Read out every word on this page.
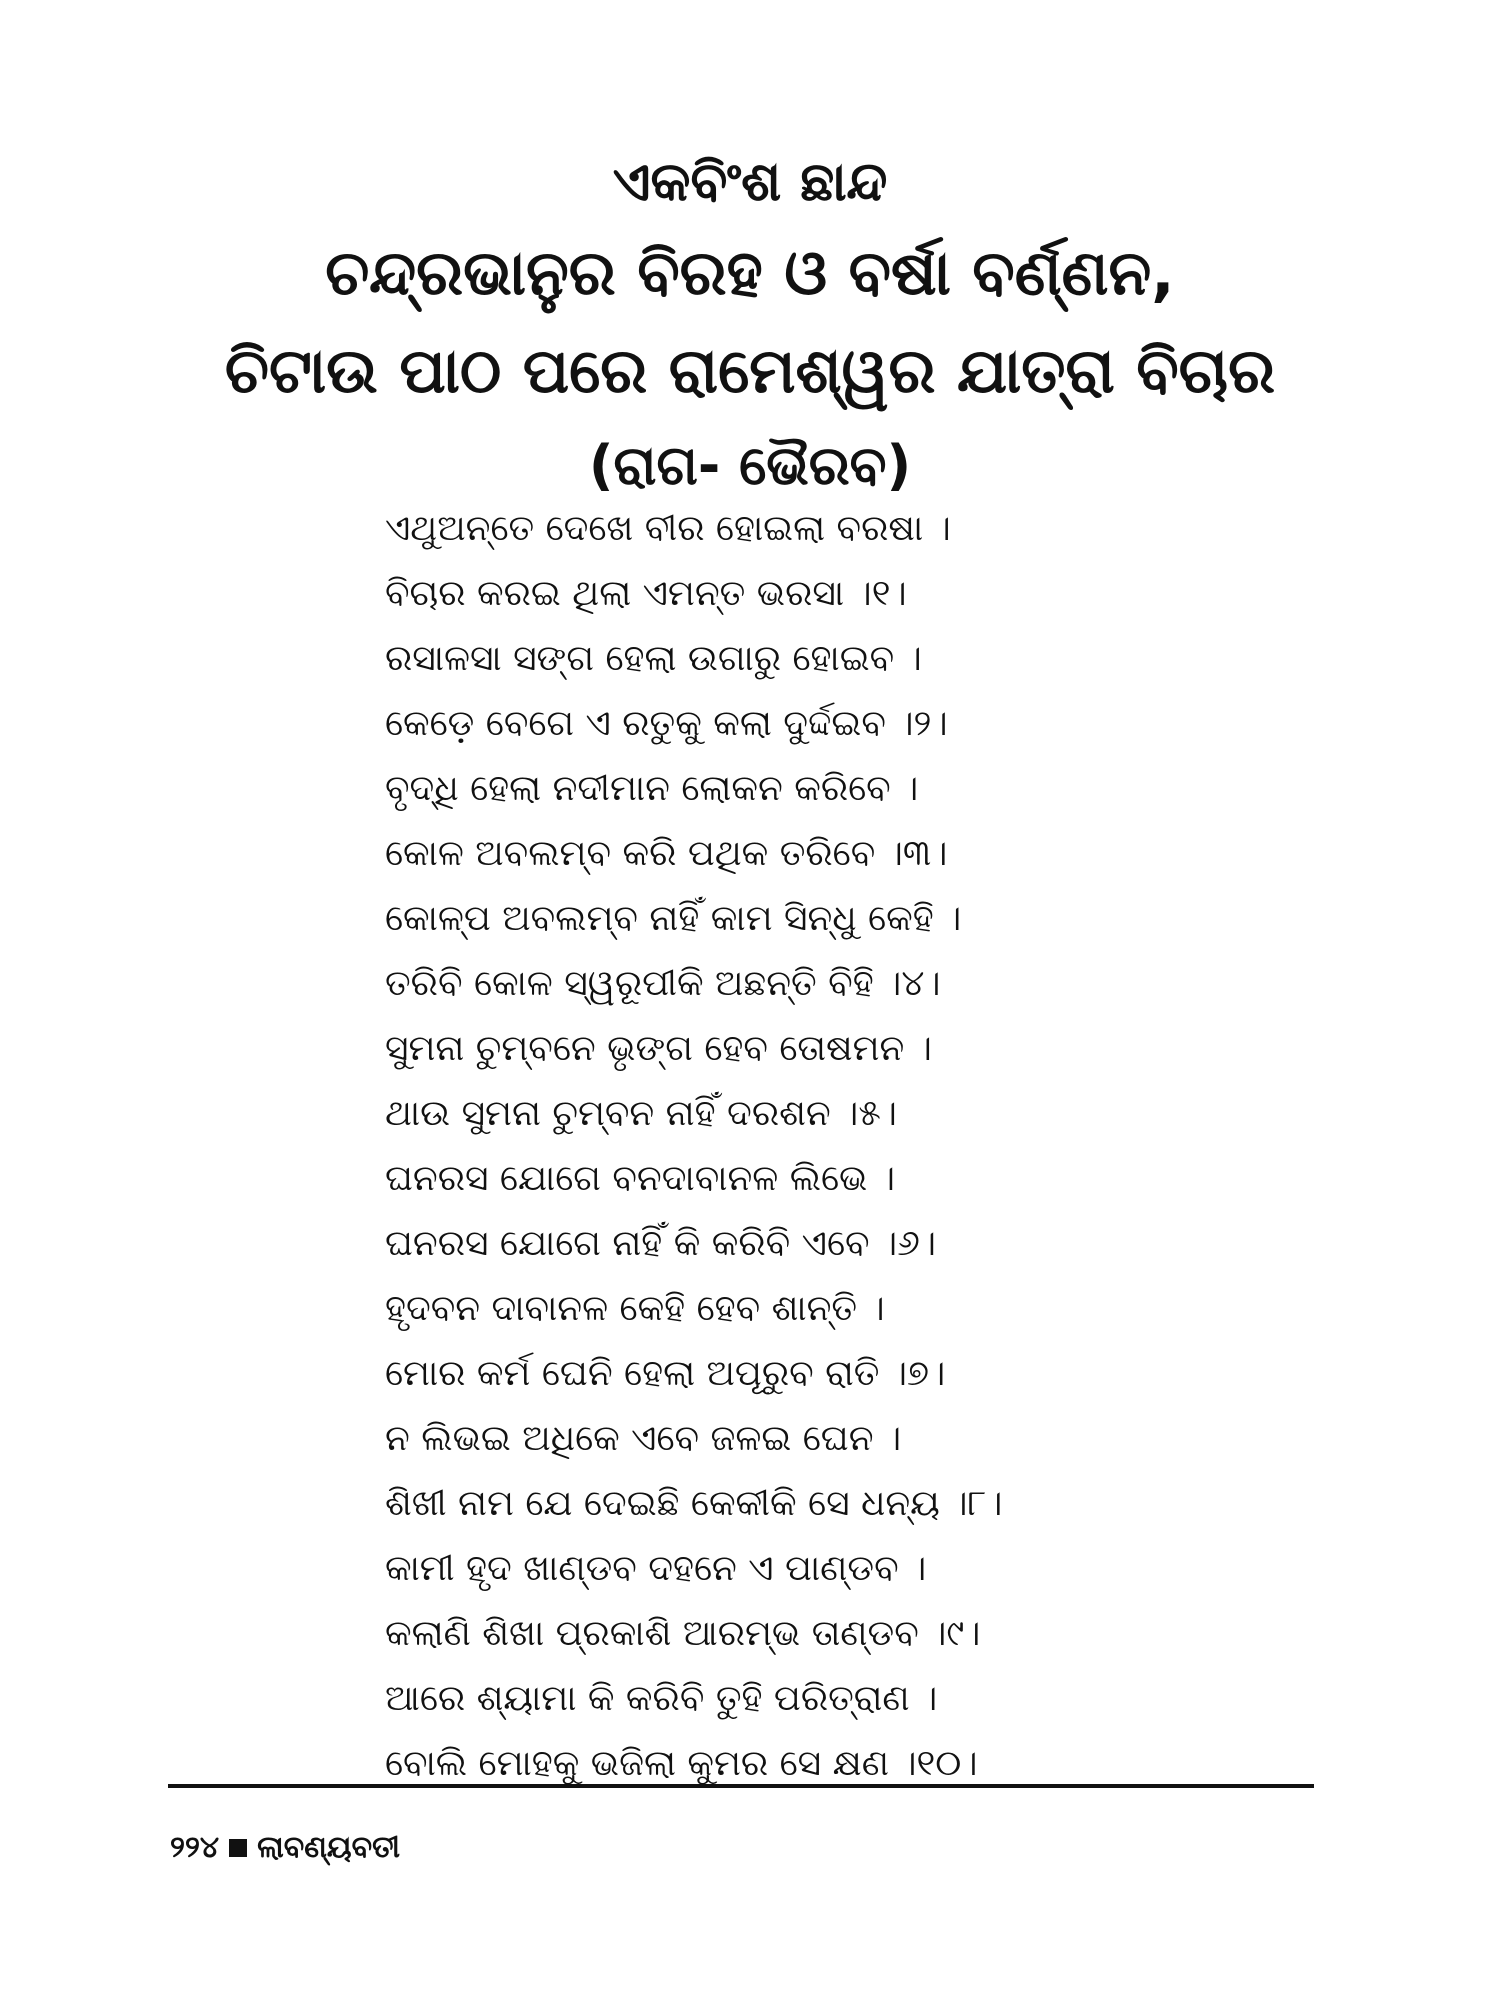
ଏକବିଂଶ ଛାନ୍ଦ
ଚନ୍ଦ୍ରଭାନୁର ବିରହ ଓ ବର୍ଷା ବର୍ଣ୍ଣନ,
ଚିଟାଉ ପାଠ ପରେ ରାମେଶ୍ୱର ଯାତ୍ରା ବିଚାର
(ରାଗ- ଭୈରବ)
ଏଥୁଅନ୍ତେ ଦେଖେ ବୀର ହୋଇଲା ବରଷା ।
ବିଚାର କରଇ ଥିଲା ଏମନ୍ତ ଭରସା ।୧।
ରସାଳସା ସଙ୍ଗ ହେଲା ଉଗାରୁ ହୋଇବ ।
କେଡ଼େ ବେଗେ ଏ ରତୁକୁ କଲା ଦୁର୍ଦ୍ଦଇବ ।୨।
ବୃଦ୍ଧି ହେଲା ନଦୀମାନ ଲୋକନ କରିବେ ।
କୋଳ ଅବଲମ୍ବ କରି ପଥିକ ତରିବେ ।୩।
କୋଳ୍ପ ଅବଲମ୍ବ ନାହିଁ କାମ ସିନ୍ଧୁ କେହି ।
ତରିବି କୋଳ ସ୍ୱରୂପୀକି ଅଛନ୍ତି ବିହି ।୪।
ସୁମନା ଚୁମ୍ବନେ ଭୃଙ୍ଗ ହେବ ତୋଷମନ ।
ଥାଉ ସୁମନା ଚୁମ୍ବନ ନାହିଁ ଦରଶନ ।୫।
ଘନରସ ଯୋଗେ ବନଦାବାନଳ ଲିଭେ ।
ଘନରସ ଯୋଗେ ନାହିଁ କି କରିବି ଏବେ ।୬।
ହୃଦବନ ଦାବାନଳ କେହି ହେବ ଶାନ୍ତି ।
ମୋର କର୍ମ ଘେନି ହେଲା ଅପୂରୁବ ରାତି ।୭।
ନ ଲିଭଇ ଅଧିକେ ଏବେ ଜଳଇ ଘେନ ।
ଶିଖୀ ନାମ ଯେ ଦେଇଛି କେକୀକି ସେ ଧନ୍ୟ ।୮।
କାମୀ ହୃଦ ଖାଣ୍ଡବ ଦହନେ ଏ ପାଣ୍ଡବ ।
କଲାଣି ଶିଖା ପ୍ରକାଶି ଆରମ୍ଭ ତାଣ୍ଡବ ।୯।
ଆରେ ଶ୍ୟାମା କି କରିବି ତୁହି ପରିତ୍ରାଣ ।
ବୋଲି ମୋହକୁ ଭଜିଲା କୁମର ସେ କ୍ଷଣ ।୧୦।
୨୨୪ ଲାବଣ୍ୟବତୀ
